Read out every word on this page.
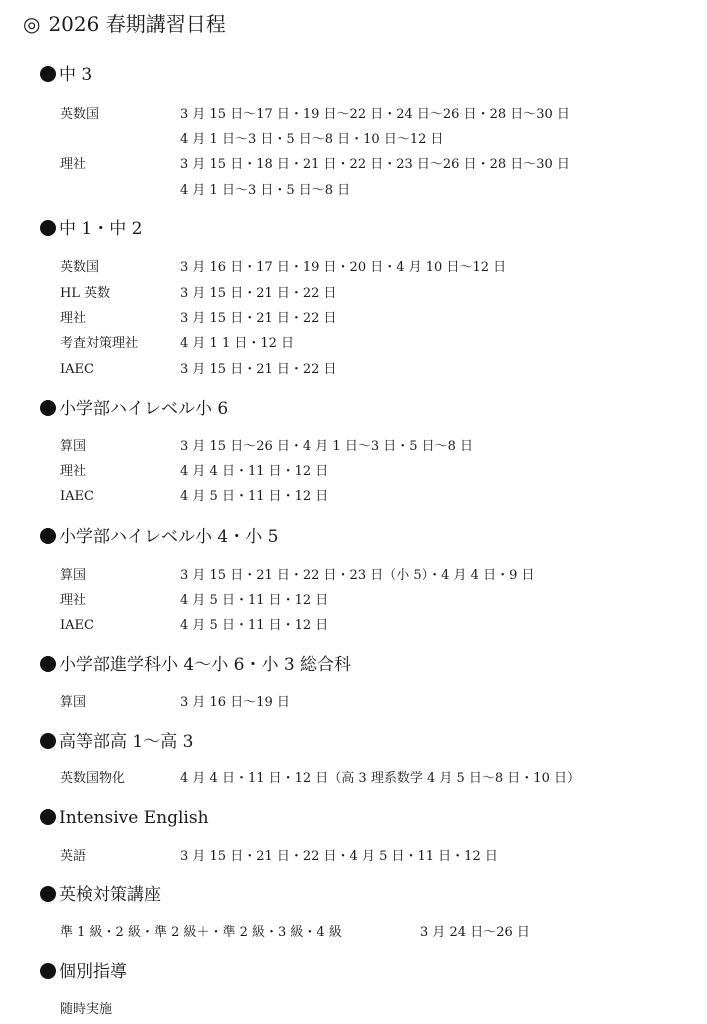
◎ 2026 春期講習日程
中 3
英数国	3 月 15 日〜17 日・19 日〜22 日・24 日〜26 日・28 日〜30 日
4 月 1 日〜3 日・5 日〜8 日・10 日〜12 日
理社	3 月 15 日・18 日・21 日・22 日・23 日〜26 日・28 日〜30 日
4 月 1 日〜3 日・5 日〜8 日
中 1・中 2
英数国	3 月 16 日・17 日・19 日・20 日・4 月 10 日〜12 日
HL 英数	3 月 15 日・21 日・22 日
理社	3 月 15 日・21 日・22 日
考査対策理社	4 月 1 1 日・12 日
IAEC	3 月 15 日・21 日・22 日
小学部ハイレベル小 6
算国	3 月 15 日〜26 日・4 月 1 日〜3 日・5 日〜8 日
理社	4 月 4 日・11 日・12 日
IAEC	4 月 5 日・11 日・12 日
小学部ハイレベル小 4・小 5
算国	3 月 15 日・21 日・22 日・23 日（小 5）・4 月 4 日・9 日
理社	4 月 5 日・11 日・12 日
IAEC	4 月 5 日・11 日・12 日
小学部進学科小 4〜小 6・小 3 総合科
算国	3 月 16 日〜19 日
高等部高 1〜高 3
英数国物化	4 月 4 日・11 日・12 日（高 3 理系数学 4 月 5 日〜8 日・10 日）
Intensive English
英語	3 月 15 日・21 日・22 日・4 月 5 日・11 日・12 日
英検対策講座
準 1 級・2 級・準 2 級＋・準 2 級・3 級・4 級	3 月 24 日〜26 日
個別指導
随時実施
